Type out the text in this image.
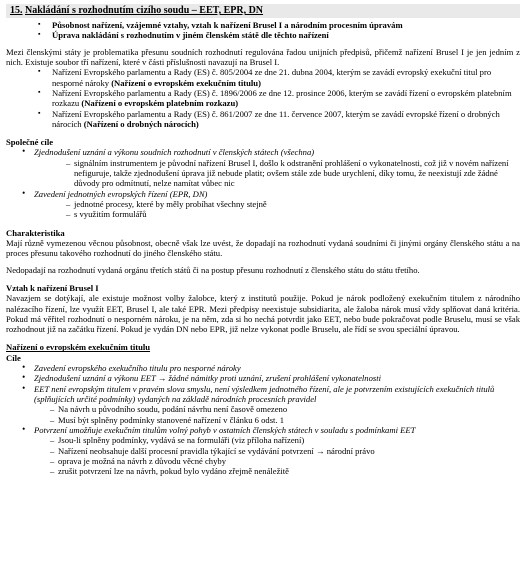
15. Nakládání s rozhodnutím cizího soudu – EET, EPR, DN
▪ Působnost nařízení, vzájemné vztahy, vztah k nařízení Brusel I a národním procesním úpravám
▪ Úprava nakládání s rozhodnutím v jiném členském státě dle těchto nařízení

Mezi členskými státy je problematika přesunu soudních rozhodnutí regulována řadou unijních předpisů, přičemž nařízení Brusel I je jen jedním z nich. Existuje soubor tří nařízení, které v části příslušnosti navazují na Brusel I.

▪ Nařízení Evropského parlamentu a Rady (ES) č. 805/2004 ze dne 21. dubna 2004, kterým se zavádí evropský exekuční titul pro nesporné nároky (Nařízení o evropském exekučním titulu)
▪ Nařízení Evropského parlamentu a Rady (ES) č. 1896/2006 ze dne 12. prosince 2006, kterým se zavádí řízení o evropském platebním rozkazu (Nařízení o evropském platebním rozkazu)
▪ Nařízení Evropského parlamentu a Rady (ES) č. 861/2007 ze dne 11. července 2007, kterým se zavádí evropské řízení o drobných nárocích (Nařízení o drobných nárocích)
Společné cíle
• Zjednodušení uznání a výkonu soudních rozhodnutí v členských státech (všechna)
– signálním instrumentem je původní nařízení Brusel I, došlo k odstranění prohlášení o vykonatelnosti, což již v novém nařízení nefiguruje, takže zjednodušení úprava již nebude platit; ovšem stále zde bude urychlení, díky tomu, že neexistují zde žádné důvody pro odmítnutí, nelze namítat vůbec nic
• Zavedení jednotných evropských řízení (EPR, DN)
– jednotné procesy, které by měly probíhat všechny stejně
– s využitím formulářů
Charakteristika

Mají různě vymezenou věcnou působnost, obecně však lze uvést, že dopadají na rozhodnutí vydaná soudními či jinými orgány členského státu a na proces přesunu takového rozhodnutí do jiného členského státu.

Nedopadají na rozhodnutí vydaná orgánu třetích států či na postup přesunu rozhodnutí z členského státu do státu třetího.

Vztah k nařízení Brusel I

Navazjem se dotýkají, ale existuje možnost volby žalobce, který z institutů použije. Pokud je nárok podložený exekučním titulem z národního nalézacího řízení, lze využít EET, Brusel I, ale také EPR. Mezi předpisy neexistuje subsidiarita, ale žaloba nárok musí vždy splňovat daná kritéria. Pokud má věřitel rozhodnutí o nesporném nároku, je na něm, zda si ho nechá potvrdit jako EET, nebo bude pokračovat podle Bruselu, musí se však rozhodnout již na začátku řízení. Pokud je vydán DN nebo EPR, již nelze vykonat podle Bruselu, ale řídí se svou speciální úpravou.

Nařízení o evropském exekučním titulu
Cíle
• Zavedení evropského exekučního titulu pro nesporné nároky
• Zjednodušení uznání a výkonu EET → žádné námitky proti uznání, zrušení prohlášení vykonatelnosti
• EET není evropským titulem v pravém slova smyslu, není výsledkem jednotného řízení, ale je potvrzením existujících exekučních titulů (splňujících určité podmínky) vydaných na základě národních procesních pravidel
– Na návrh u původního soudu, podání návrhu není časově omezeno
– Musí být splněny podmínky stanovené nařízení v článku 6 odst. 1
• Potvrzení umožňuje exekučním titulům volný pohyb v ostatních členských státech v souladu s podmínkami EET
– Jsou-li splněny podmínky, vydává se na formuláři (viz příloha nařízení)
– Nařízení neobsahuje další procesní pravidla týkající se vydávání potvrzení → národní právo
– oprava je možná na návrh z důvodu věcné chyby
– zrušit potvrzení lze na návrh, pokud bylo vydáno zřejmě nenáležitě
